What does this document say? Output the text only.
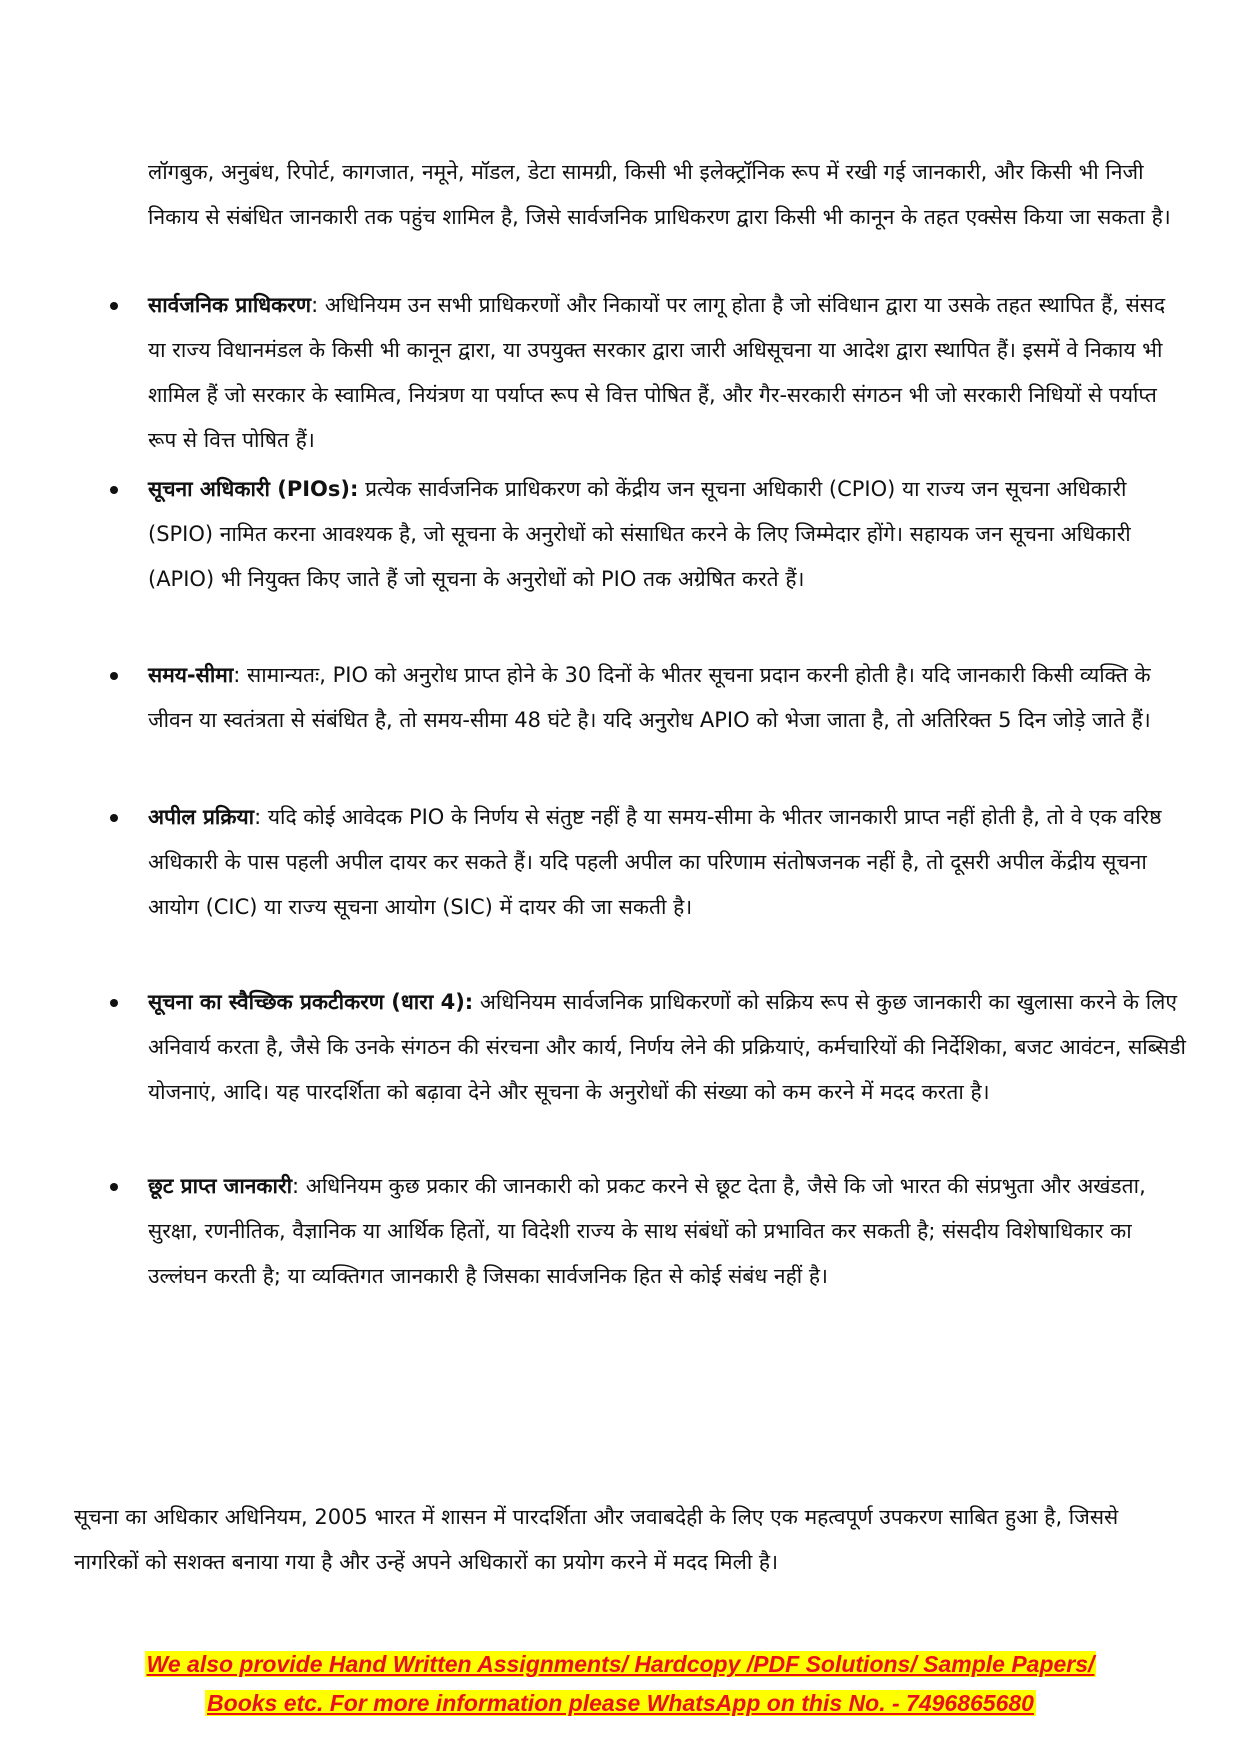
लॉगबुक, अनुबंध, रिपोर्ट, कागजात, नमूने, मॉडल, डेटा सामग्री, किसी भी इलेक्ट्रॉनिक रूप में रखी गई जानकारी, और किसी भी निजी निकाय से संबंधित जानकारी तक पहुंच शामिल है, जिसे सार्वजनिक प्राधिकरण द्वारा किसी भी कानून के तहत एक्सेस किया जा सकता है।

सार्वजनिक प्राधिकरण: अधिनियम उन सभी प्राधिकरणों और निकायों पर लागू होता है जो संविधान द्वारा या उसके तहत स्थापित हैं, संसद या राज्य विधानमंडल के किसी भी कानून द्वारा, या उपयुक्त सरकार द्वारा जारी अधिसूचना या आदेश द्वारा स्थापित हैं। इसमें वे निकाय भी शामिल हैं जो सरकार के स्वामित्व, नियंत्रण या पर्याप्त रूप से वित्त पोषित हैं, और गैर-सरकारी संगठन भी जो सरकारी निधियों से पर्याप्त रूप से वित्त पोषित हैं।

सूचना अधिकारी (PIOs): प्रत्येक सार्वजनिक प्राधिकरण को केंद्रीय जन सूचना अधिकारी (CPIO) या राज्य जन सूचना अधिकारी (SPIO) नामित करना आवश्यक है, जो सूचना के अनुरोधों को संसाधित करने के लिए जिम्मेदार होंगे। सहायक जन सूचना अधिकारी (APIO) भी नियुक्त किए जाते हैं जो सूचना के अनुरोधों को PIO तक अग्रेषित करते हैं।

समय-सीमा: सामान्यतः, PIO को अनुरोध प्राप्त होने के 30 दिनों के भीतर सूचना प्रदान करनी होती है। यदि जानकारी किसी व्यक्ति के जीवन या स्वतंत्रता से संबंधित है, तो समय-सीमा 48 घंटे है। यदि अनुरोध APIO को भेजा जाता है, तो अतिरिक्त 5 दिन जोड़े जाते हैं।

अपील प्रक्रिया: यदि कोई आवेदक PIO के निर्णय से संतुष्ट नहीं है या समय-सीमा के भीतर जानकारी प्राप्त नहीं होती है, तो वे एक वरिष्ठ अधिकारी के पास पहली अपील दायर कर सकते हैं। यदि पहली अपील का परिणाम संतोषजनक नहीं है, तो दूसरी अपील केंद्रीय सूचना आयोग (CIC) या राज्य सूचना आयोग (SIC) में दायर की जा सकती है।

सूचना का स्वैच्छिक प्रकटीकरण (धारा 4): अधिनियम सार्वजनिक प्राधिकरणों को सक्रिय रूप से कुछ जानकारी का खुलासा करने के लिए अनिवार्य करता है, जैसे कि उनके संगठन की संरचना और कार्य, निर्णय लेने की प्रक्रियाएं, कर्मचारियों की निर्देशिका, बजट आवंटन, सब्सिडी योजनाएं, आदि। यह पारदर्शिता को बढ़ावा देने और सूचना के अनुरोधों की संख्या को कम करने में मदद करता है।

छूट प्राप्त जानकारी: अधिनियम कुछ प्रकार की जानकारी को प्रकट करने से छूट देता है, जैसे कि जो भारत की संप्रभुता और अखंडता, सुरक्षा, रणनीतिक, वैज्ञानिक या आर्थिक हितों, या विदेशी राज्य के साथ संबंधों को प्रभावित कर सकती है; संसदीय विशेषाधिकार का उल्लंघन करती है; या व्यक्तिगत जानकारी है जिसका सार्वजनिक हित से कोई संबंध नहीं है।

सूचना का अधिकार अधिनियम, 2005 भारत में शासन में पारदर्शिता और जवाबदेही के लिए एक महत्वपूर्ण उपकरण साबित हुआ है, जिससे नागरिकों को सशक्त बनाया गया है और उन्हें अपने अधिकारों का प्रयोग करने में मदद मिली है।

We also provide Hand Written Assignments/ Hardcopy /PDF Solutions/ Sample Papers/
Books etc. For more information please WhatsApp on this No. - 7496865680
